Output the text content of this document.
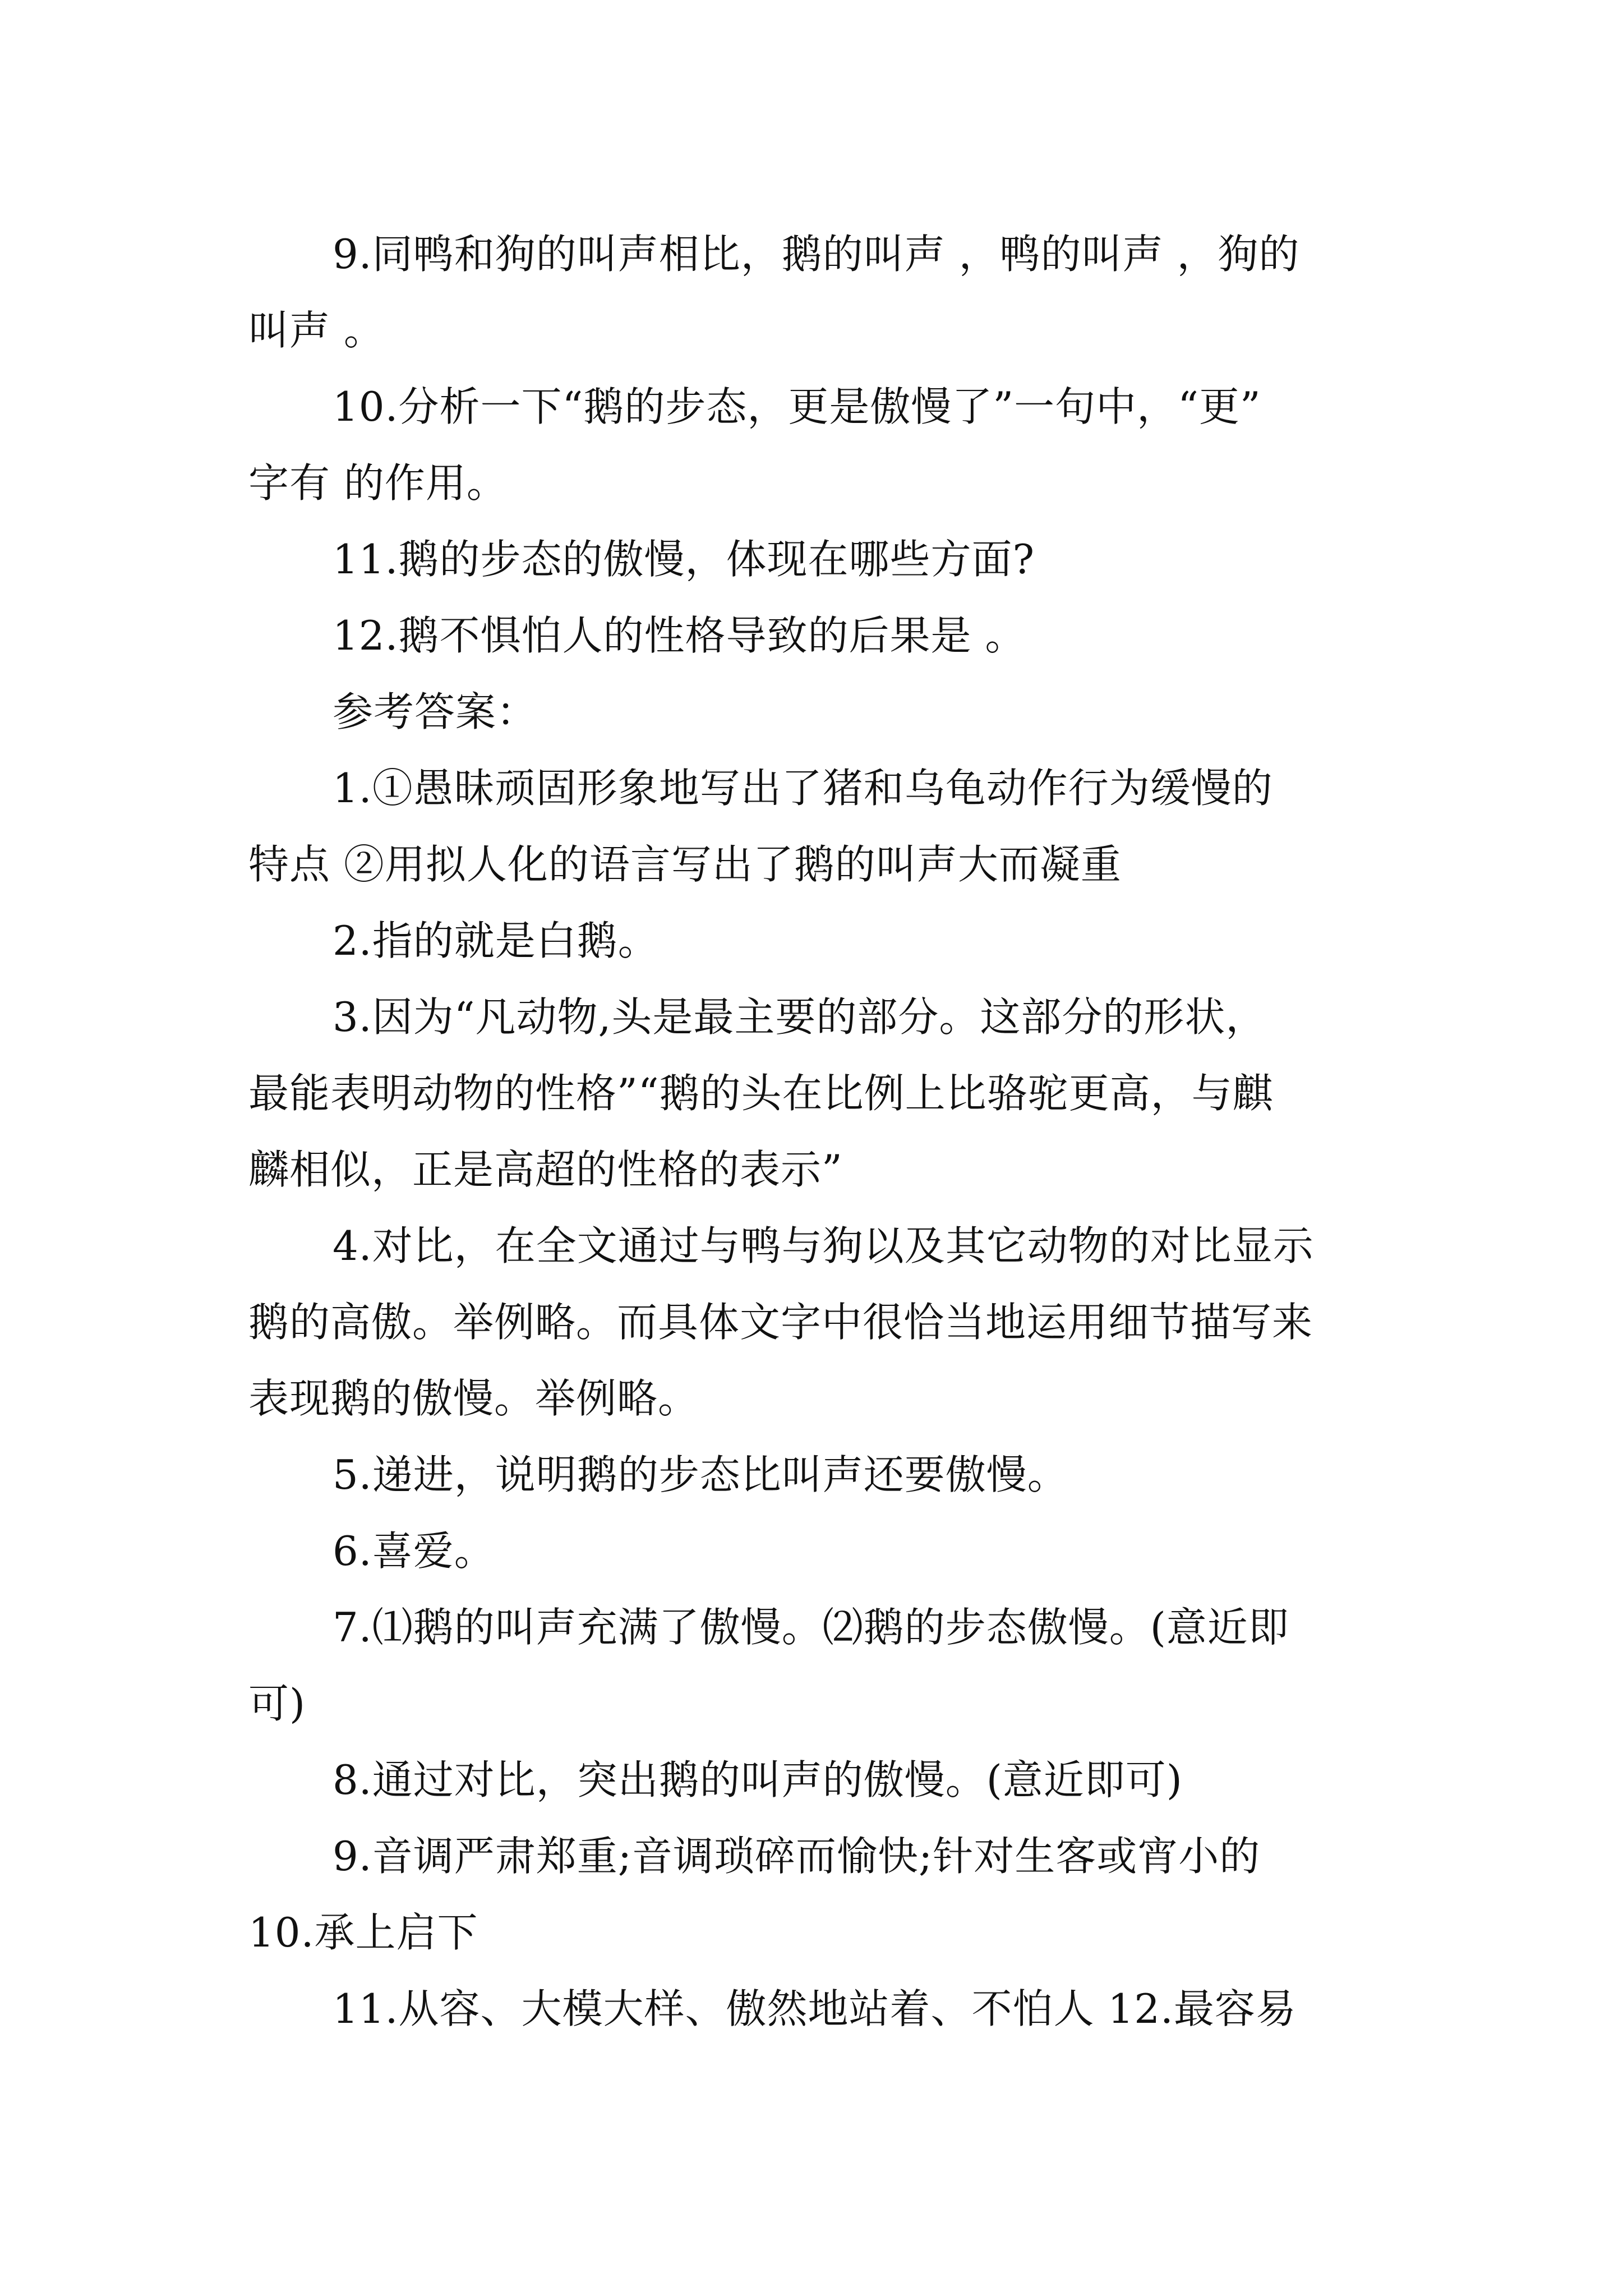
9.同鸭和狗的叫声相比，鹅的叫声 ，鸭的叫声 ，狗的
叫声 。
10.分析一下“鹅的步态，更是傲慢了”一句中，“更”
字有 的作用。
11.鹅的步态的傲慢，体现在哪些方面?
12.鹅不惧怕人的性格导致的后果是 。
参考答案：
1.①愚昧顽固形象地写出了猪和乌龟动作行为缓慢的
特点 ②用拟人化的语言写出了鹅的叫声大而凝重
2.指的就是白鹅。
3.因为“凡动物,头是最主要的部分。这部分的形状，
最能表明动物的性格”“鹅的头在比例上比骆驼更高，与麒
麟相似，正是高超的性格的表示”
4.对比，在全文通过与鸭与狗以及其它动物的对比显示
鹅的高傲。举例略。而具体文字中很恰当地运用细节描写来
表现鹅的傲慢。举例略。
5.递进，说明鹅的步态比叫声还要傲慢。
6.喜爱。
7.⑴鹅的叫声充满了傲慢。⑵鹅的步态傲慢。(意近即
可)
8.通过对比，突出鹅的叫声的傲慢。(意近即可)
9.音调严肃郑重;音调琐碎而愉快;针对生客或宵小的
10.承上启下
11.从容、大模大样、傲然地站着、不怕人 12.最容易
